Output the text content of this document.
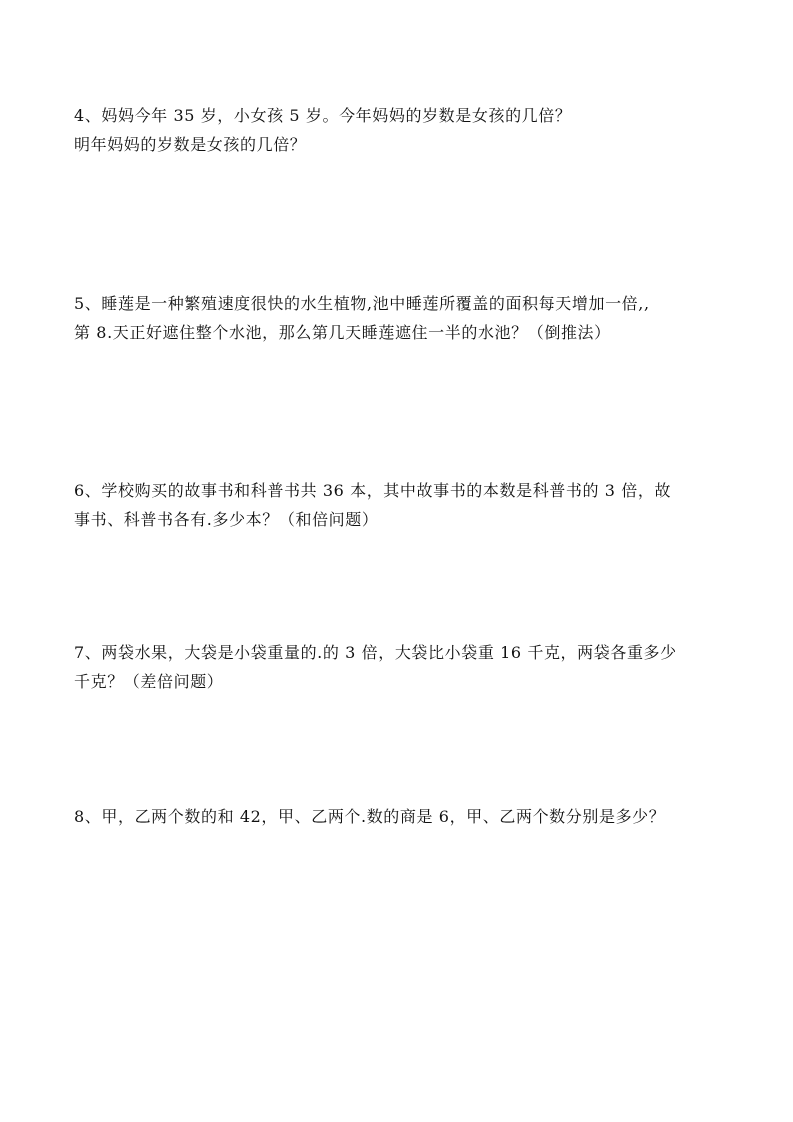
4、妈妈今年 35 岁，小女孩 5 岁。今年妈妈的岁数是女孩的几倍？
明年妈妈的岁数是女孩的几倍？
5、睡莲是一种繁殖速度很快的水生植物,池中睡莲所覆盖的面积每天增加一倍,,
第 8.天正好遮住整个水池，那么第几天睡莲遮住一半的水池？（倒推法）
6、学校购买的故事书和科普书共 36 本，其中故事书的本数是科普书的 3 倍，故
事书、科普书各有.多少本？（和倍问题）
7、两袋水果，大袋是小袋重量的.的 3 倍，大袋比小袋重 16 千克，两袋各重多少
千克？（差倍问题）
8、甲，乙两个数的和 42，甲、乙两个.数的商是 6，甲、乙两个数分别是多少？
